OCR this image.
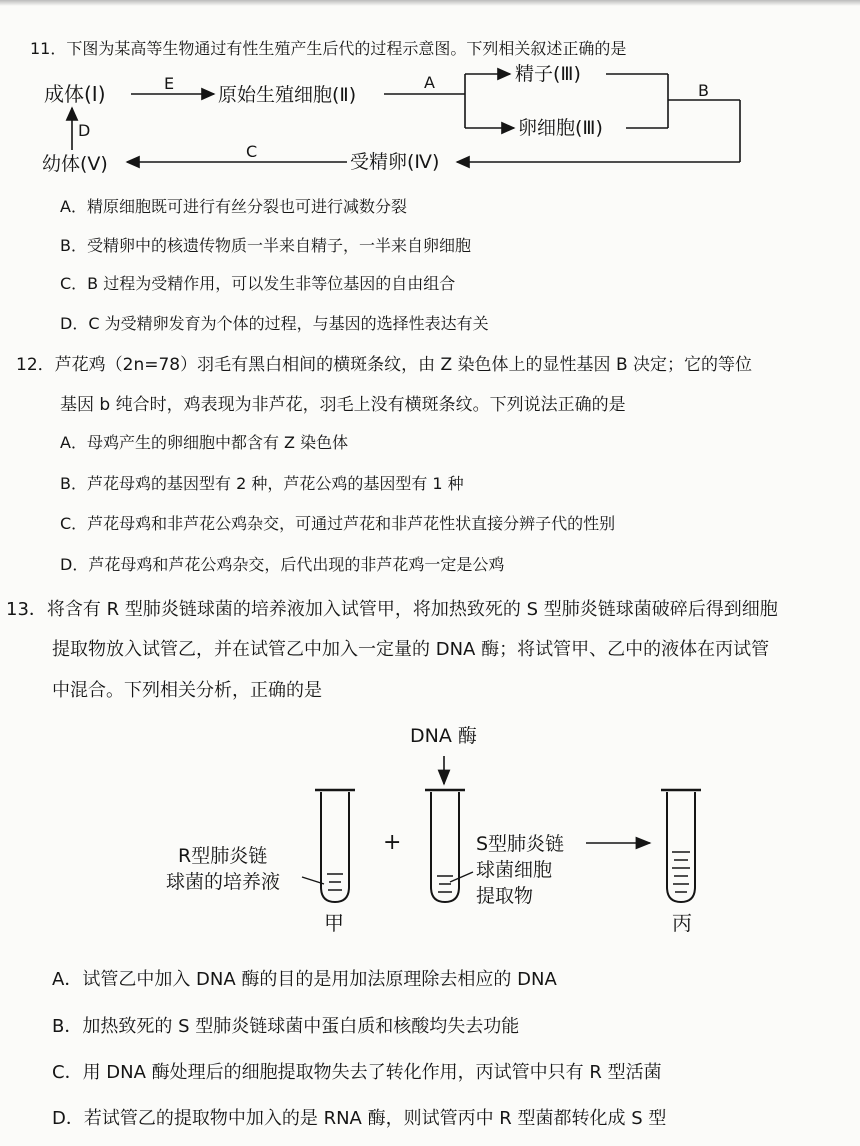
11．下图为某高等生物通过有性生殖产生后代的过程示意图。下列相关叙述正确的是
成体(Ⅰ)	原始生殖细胞(Ⅱ)
精子(Ⅲ)
卵细胞(Ⅲ)
受精卵(Ⅳ)
幼体(Ⅴ)
E	A	B
C
D
A．精原细胞既可进行有丝分裂也可进行减数分裂
B．受精卵中的核遗传物质一半来自精子，一半来自卵细胞
C．B 过程为受精作用，可以发生非等位基因的自由组合
D．C 为受精卵发育为个体的过程，与基因的选择性表达有关
12．芦花鸡（2n=78）羽毛有黑白相间的横斑条纹，由 Z 染色体上的显性基因 B 决定；它的等位
基因 b 纯合时，鸡表现为非芦花，羽毛上没有横斑条纹。下列说法正确的是
A．母鸡产生的卵细胞中都含有 Z 染色体
B．芦花母鸡的基因型有 2 种，芦花公鸡的基因型有 1 种
C．芦花母鸡和非芦花公鸡杂交，可通过芦花和非芦花性状直接分辨子代的性别
D．芦花母鸡和芦花公鸡杂交，后代出现的非芦花鸡一定是公鸡
13．将含有 R 型肺炎链球菌的培养液加入试管甲，将加热致死的 S 型肺炎链球菌破碎后得到细胞
提取物放入试管乙，并在试管乙中加入一定量的 DNA 酶；将试管甲、乙中的液体在丙试管
中混合。下列相关分析，正确的是
DNA 酶
R型肺炎链
球菌的培养液
+	S型肺炎链
球菌细胞
提取物
甲	丙
A．试管乙中加入 DNA 酶的目的是用加法原理除去相应的 DNA
B．加热致死的 S 型肺炎链球菌中蛋白质和核酸均失去功能
C．用 DNA 酶处理后的细胞提取物失去了转化作用，丙试管中只有 R 型活菌
D．若试管乙的提取物中加入的是 RNA 酶，则试管丙中 R 型菌都转化成 S 型
